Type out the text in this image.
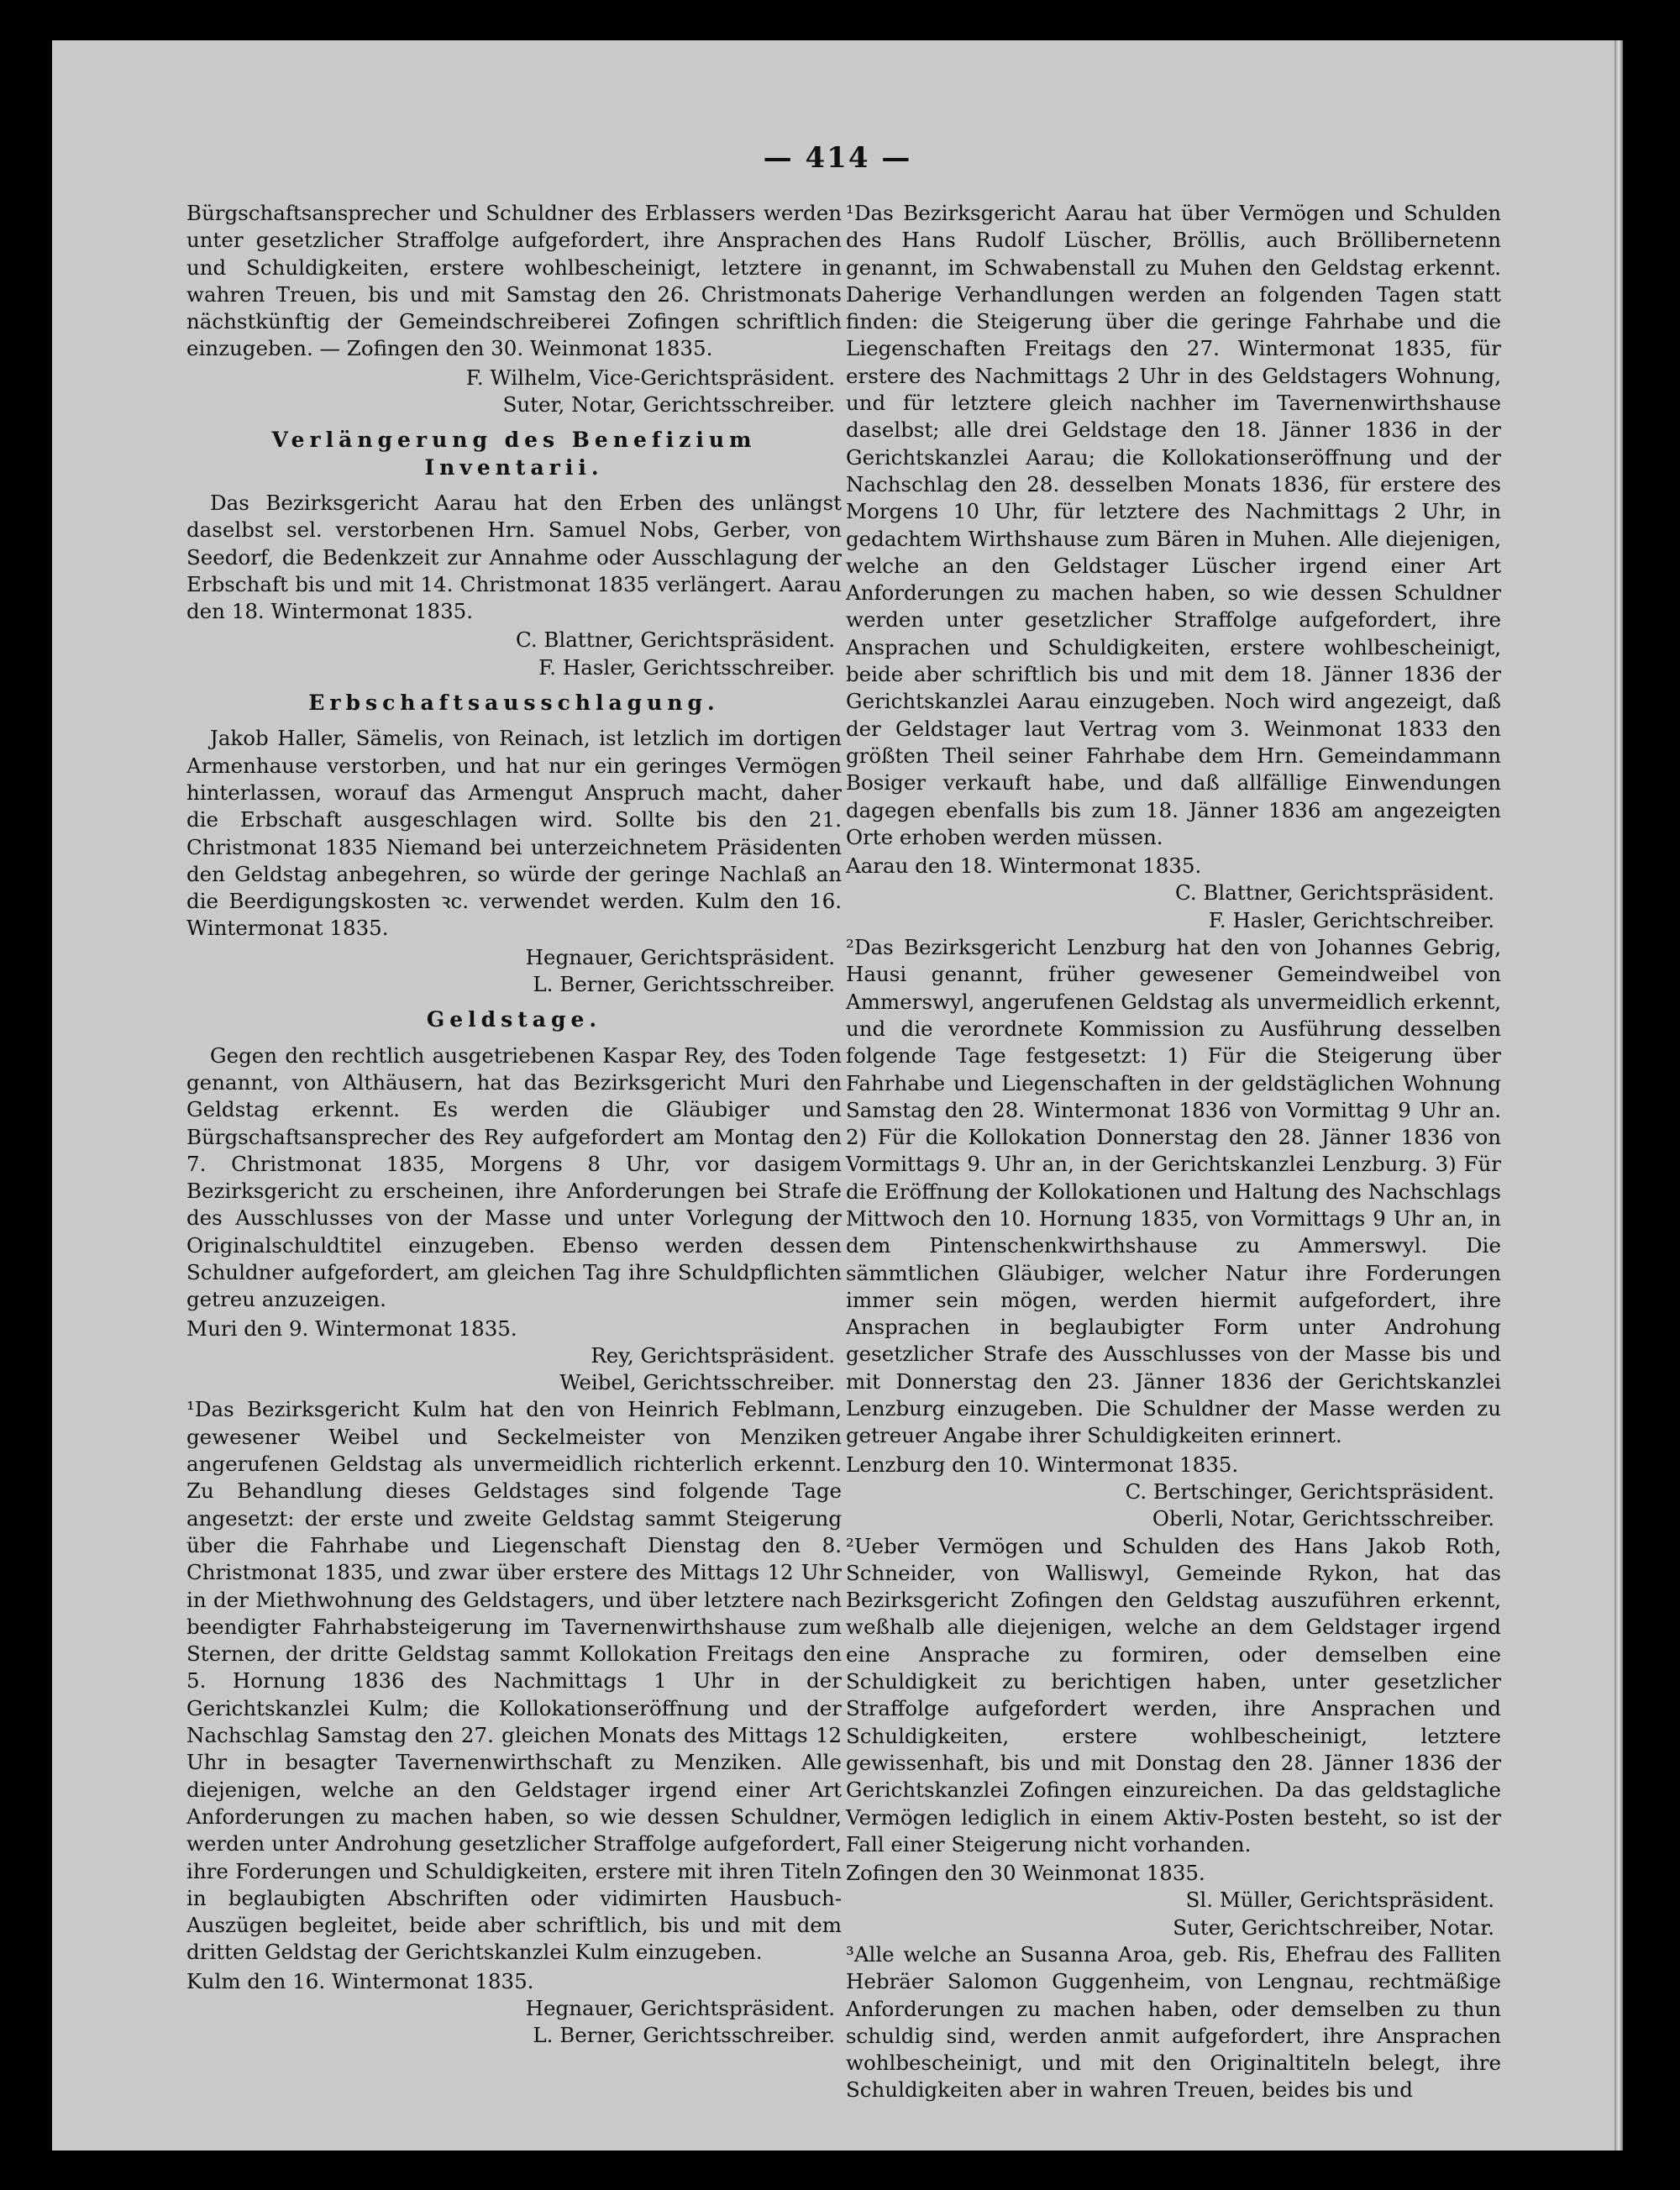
— 414 —

Bürgschaftsansprecher und Schuldner des Erblassers werden unter gesetzlicher Straffolge aufgefordert, ihre Ansprachen und Schuldigkeiten, erstere wohlbescheinigt, letztere in wahren Treuen, bis und mit Samstag den 26. Christmonats nächstkünftig der Gemeindschreiberei Zofingen schriftlich einzugeben. — Zofingen den 30. Weinmonat 1835.

F. Wilhelm, Vice-Gerichtspräsident.

Suter, Notar, Gerichtsschreiber.

Verlängerung des Benefizium Inventarii.

Das Bezirksgericht Aarau hat den Erben des unlängst daselbst sel. verstorbenen Hrn. Samuel Nobs, Gerber, von Seedorf, die Bedenkzeit zur Annahme oder Ausschlagung der Erbschaft bis und mit 14. Christmonat 1835 verlängert. Aarau den 18. Wintermonat 1835.

C. Blattner, Gerichtspräsident.

F. Hasler, Gerichtsschreiber.

Erbschaftsausschlagung.

Jakob Haller, Sämelis, von Reinach, ist letzlich im dortigen Armenhause verstorben, und hat nur ein geringes Vermögen hinterlassen, worauf das Armengut Anspruch macht, daher die Erbschaft ausgeschlagen wird. Sollte bis den 21. Christmonat 1835 Niemand bei unterzeichnetem Präsidenten den Geldstag anbegehren, so würde der geringe Nachlaß an die Beerdigungskosten ꝛc. verwendet werden. Kulm den 16. Wintermonat 1835.

Hegnauer, Gerichtspräsident.

L. Berner, Gerichtsschreiber.

Geldstage.

Gegen den rechtlich ausgetriebenen Kaspar Rey, des Toden genannt, von Althäusern, hat das Bezirksgericht Muri den Geldstag erkennt. Es werden die Gläubiger und Bürgschaftsansprecher des Rey aufgefordert am Montag den 7. Christmonat 1835, Morgens 8 Uhr, vor dasigem Bezirksgericht zu erscheinen, ihre Anforderungen bei Strafe des Ausschlusses von der Masse und unter Vorlegung der Originalschuldtitel einzugeben. Ebenso werden dessen Schuldner aufgefordert, am gleichen Tag ihre Schuldpflichten getreu anzuzeigen.

Muri den 9. Wintermonat 1835.

Rey, Gerichtspräsident.

Weibel, Gerichtsschreiber.

¹Das Bezirksgericht Kulm hat den von Heinrich Feblmann, gewesener Weibel und Seckelmeister von Menziken angerufenen Geldstag als unvermeidlich richterlich erkennt. Zu Behandlung dieses Geldstages sind folgende Tage angesetzt: der erste und zweite Geldstag sammt Steigerung über die Fahrhabe und Liegenschaft Dienstag den 8. Christmonat 1835, und zwar über erstere des Mittags 12 Uhr in der Miethwohnung des Geldstagers, und über letztere nach beendigter Fahrhabsteigerung im Tavernenwirthshause zum Sternen, der dritte Geldstag sammt Kollokation Freitags den 5. Hornung 1836 des Nachmittags 1 Uhr in der Gerichtskanzlei Kulm; die Kollokationseröffnung und der Nachschlag Samstag den 27. gleichen Monats des Mittags 12 Uhr in besagter Tavernenwirthschaft zu Menziken. Alle diejenigen, welche an den Geldstager irgend einer Art Anforderungen zu machen haben, so wie dessen Schuldner, werden unter Androhung gesetzlicher Straffolge aufgefordert, ihre Forderungen und Schuldigkeiten, erstere mit ihren Titeln in beglaubigten Abschriften oder vidimirten Hausbuch-Auszügen begleitet, beide aber schriftlich, bis und mit dem dritten Geldstag der Gerichtskanzlei Kulm einzugeben.

Kulm den 16. Wintermonat 1835.

Hegnauer, Gerichtspräsident.

L. Berner, Gerichtsschreiber.

¹Das Bezirksgericht Aarau hat über Vermögen und Schulden des Hans Rudolf Lüscher, Bröllis, auch Bröllibernetenn genannt, im Schwabenstall zu Muhen den Geldstag erkennt. Daherige Verhandlungen werden an folgenden Tagen statt finden: die Steigerung über die geringe Fahrhabe und die Liegenschaften Freitags den 27. Wintermonat 1835, für erstere des Nachmittags 2 Uhr in des Geldstagers Wohnung, und für letztere gleich nachher im Tavernenwirthshause daselbst; alle drei Geldstage den 18. Jänner 1836 in der Gerichtskanzlei Aarau; die Kollokationseröffnung und der Nachschlag den 28. desselben Monats 1836, für erstere des Morgens 10 Uhr, für letztere des Nachmittags 2 Uhr, in gedachtem Wirthshause zum Bären in Muhen. Alle diejenigen, welche an den Geldstager Lüscher irgend einer Art Anforderungen zu machen haben, so wie dessen Schuldner werden unter gesetzlicher Straffolge aufgefordert, ihre Ansprachen und Schuldigkeiten, erstere wohlbescheinigt, beide aber schriftlich bis und mit dem 18. Jänner 1836 der Gerichtskanzlei Aarau einzugeben. Noch wird angezeigt, daß der Geldstager laut Vertrag vom 3. Weinmonat 1833 den größten Theil seiner Fahrhabe dem Hrn. Gemeindammann Bosiger verkauft habe, und daß allfällige Einwendungen dagegen ebenfalls bis zum 18. Jänner 1836 am angezeigten Orte erhoben werden müssen.

Aarau den 18. Wintermonat 1835.

C. Blattner, Gerichtspräsident.

F. Hasler, Gerichtschreiber.

²Das Bezirksgericht Lenzburg hat den von Johannes Gebrig, Hausi genannt, früher gewesener Gemeindweibel von Ammerswyl, angerufenen Geldstag als unvermeidlich erkennt, und die verordnete Kommission zu Ausführung desselben folgende Tage festgesetzt: 1) Für die Steigerung über Fahrhabe und Liegenschaften in der geldstäglichen Wohnung Samstag den 28. Wintermonat 1836 von Vormittag 9 Uhr an. 2) Für die Kollokation Donnerstag den 28. Jänner 1836 von Vormittags 9. Uhr an, in der Gerichtskanzlei Lenzburg. 3) Für die Eröffnung der Kollokationen und Haltung des Nachschlags Mittwoch den 10. Hornung 1835, von Vormittags 9 Uhr an, in dem Pintenschenkwirthshause zu Ammerswyl. Die sämmtlichen Gläubiger, welcher Natur ihre Forderungen immer sein mögen, werden hiermit aufgefordert, ihre Ansprachen in beglaubigter Form unter Androhung gesetzlicher Strafe des Ausschlusses von der Masse bis und mit Donnerstag den 23. Jänner 1836 der Gerichtskanzlei Lenzburg einzugeben. Die Schuldner der Masse werden zu getreuer Angabe ihrer Schuldigkeiten erinnert.

Lenzburg den 10. Wintermonat 1835.

C. Bertschinger, Gerichtspräsident.

Oberli, Notar, Gerichtsschreiber.

²Ueber Vermögen und Schulden des Hans Jakob Roth, Schneider, von Walliswyl, Gemeinde Rykon, hat das Bezirksgericht Zofingen den Geldstag auszuführen erkennt, weßhalb alle diejenigen, welche an dem Geldstager irgend eine Ansprache zu formiren, oder demselben eine Schuldigkeit zu berichtigen haben, unter gesetzlicher Straffolge aufgefordert werden, ihre Ansprachen und Schuldigkeiten, erstere wohlbescheinigt, letztere gewissenhaft, bis und mit Donstag den 28. Jänner 1836 der Gerichtskanzlei Zofingen einzureichen. Da das geldstagliche Vermögen lediglich in einem Aktiv-Posten besteht, so ist der Fall einer Steigerung nicht vorhanden.

Zofingen den 30 Weinmonat 1835.

Sl. Müller, Gerichtspräsident.

Suter, Gerichtschreiber, Notar.

³Alle welche an Susanna Aroa, geb. Ris, Ehefrau des Falliten Hebräer Salomon Guggenheim, von Lengnau, rechtmäßige Anforderungen zu machen haben, oder demselben zu thun schuldig sind, werden anmit aufgefordert, ihre Ansprachen wohlbescheinigt, und mit den Originaltiteln belegt, ihre Schuldigkeiten aber in wahren Treuen, beides bis und
